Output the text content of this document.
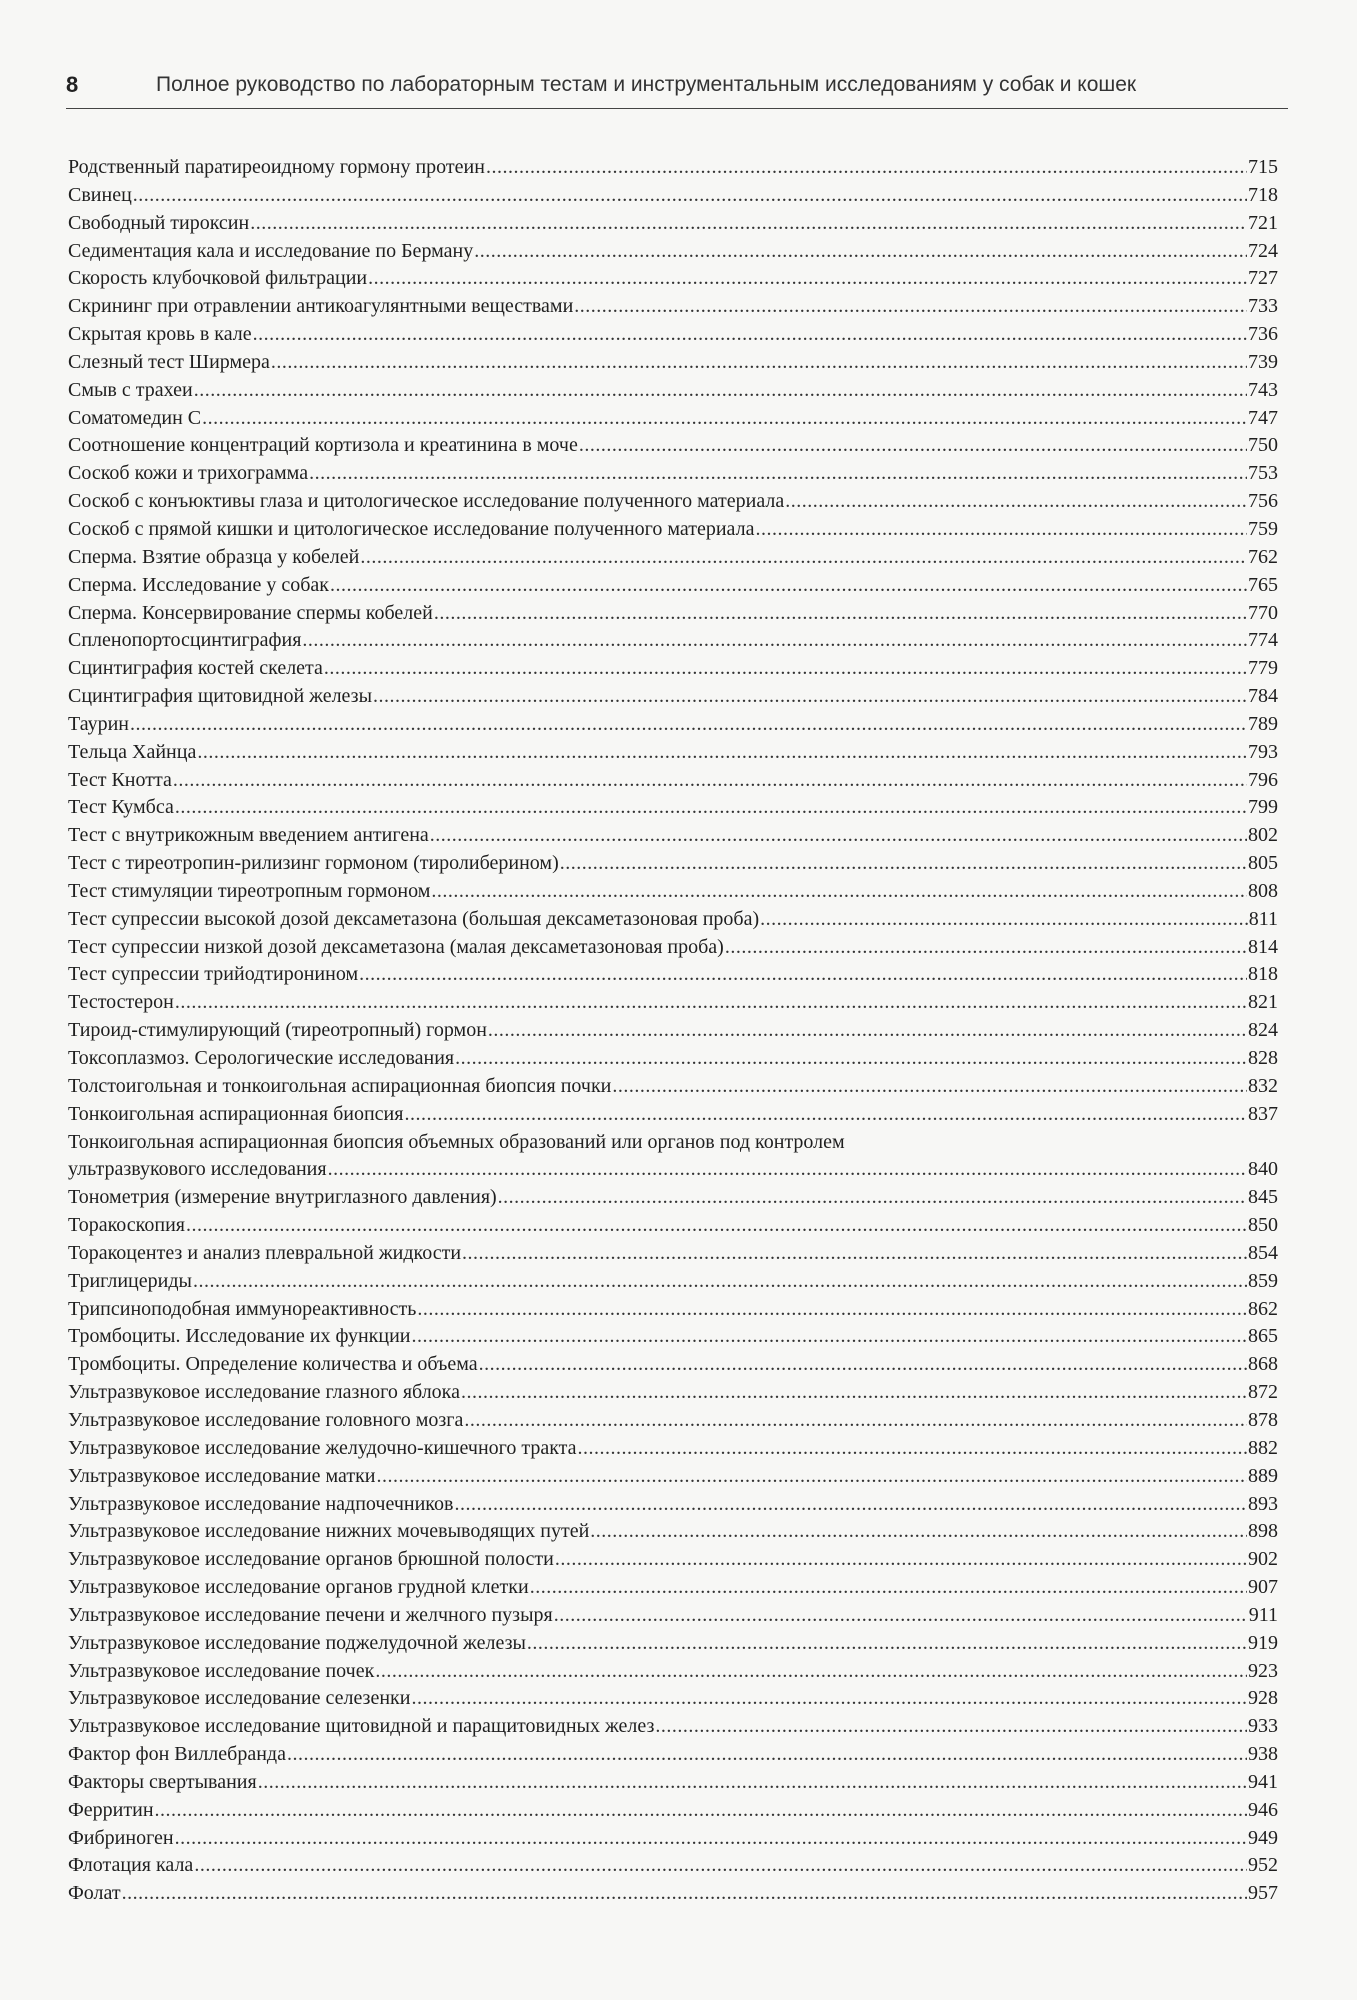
8	Полное руководство по лабораторным тестам и инструментальным исследованиям у собак и кошек
Родственный паратиреоидному гормону протеин .....	715
Свинец .....	718
Свободный тироксин .....	721
Седиментация кала и исследование по Берману .....	724
Скорость клубочковой фильтрации .....	727
Скрининг при отравлении антикоагулянтными веществами .....	733
Скрытая кровь в кале .....	736
Слезный тест Ширмера .....	739
Смыв с трахеи .....	743
Соматомедин С .....	747
Соотношение концентраций кортизола и креатинина в моче .....	750
Соскоб кожи и трихограмма .....	753
Соскоб с конъюктивы глаза и цитологическое исследование полученного материала .....	756
Соскоб с прямой кишки и цитологическое исследование полученного материала .....	759
Сперма. Взятие образца у кобелей .....	762
Сперма. Исследование у собак .....	765
Сперма. Консервирование спермы кобелей .....	770
Спленопортосцинтиграфия .....	774
Сцинтиграфия костей скелета .....	779
Сцинтиграфия щитовидной железы .....	784
Таурин .....	789
Тельца Хайнца .....	793
Тест Кнотта .....	796
Тест Кумбса .....	799
Тест с внутрикожным введением антигена .....	802
Тест с тиреотропин-рилизинг гормоном (тиролиберином) .....	805
Тест стимуляции тиреотропным гормоном .....	808
Тест супрессии высокой дозой дексаметазона (большая дексаметазоновая проба) .....	811
Тест супрессии низкой дозой дексаметазона (малая дексаметазоновая проба) .....	814
Тест супрессии трийодтиронином .....	818
Тестостерон .....	821
Тироид-стимулирующий (тиреотропный) гормон .....	824
Токсоплазмоз. Серологические исследования .....	828
Толстоигольная и тонкоигольная аспирационная биопсия почки .....	832
Тонкоигольная аспирационная биопсия .....	837
Тонкоигольная аспирационная биопсия объемных образований или органов под контролем
ультразвукового исследования .....	840
Тонометрия (измерение внутриглазного давления) .....	845
Торакоскопия .....	850
Торакоцентез и анализ плевральной жидкости .....	854
Триглицериды .....	859
Трипсиноподобная иммунореактивность .....	862
Тромбоциты. Исследование их функции .....	865
Тромбоциты. Определение количества и объема .....	868
Ультразвуковое исследование глазного яблока .....	872
Ультразвуковое исследование головного мозга .....	878
Ультразвуковое исследование желудочно-кишечного тракта .....	882
Ультразвуковое исследование матки .....	889
Ультразвуковое исследование надпочечников .....	893
Ультразвуковое исследование нижних мочевыводящих путей .....	898
Ультразвуковое исследование органов брюшной полости .....	902
Ультразвуковое исследование органов грудной клетки .....	907
Ультразвуковое исследование печени и желчного пузыря .....	911
Ультразвуковое исследование поджелудочной железы .....	919
Ультразвуковое исследование почек .....	923
Ультразвуковое исследование селезенки .....	928
Ультразвуковое исследование щитовидной и паращитовидных желез .....	933
Фактор фон Виллебранда .....	938
Факторы свертывания .....	941
Ферритин .....	946
Фибриноген .....	949
Флотация кала .....	952
Фолат .....	957
